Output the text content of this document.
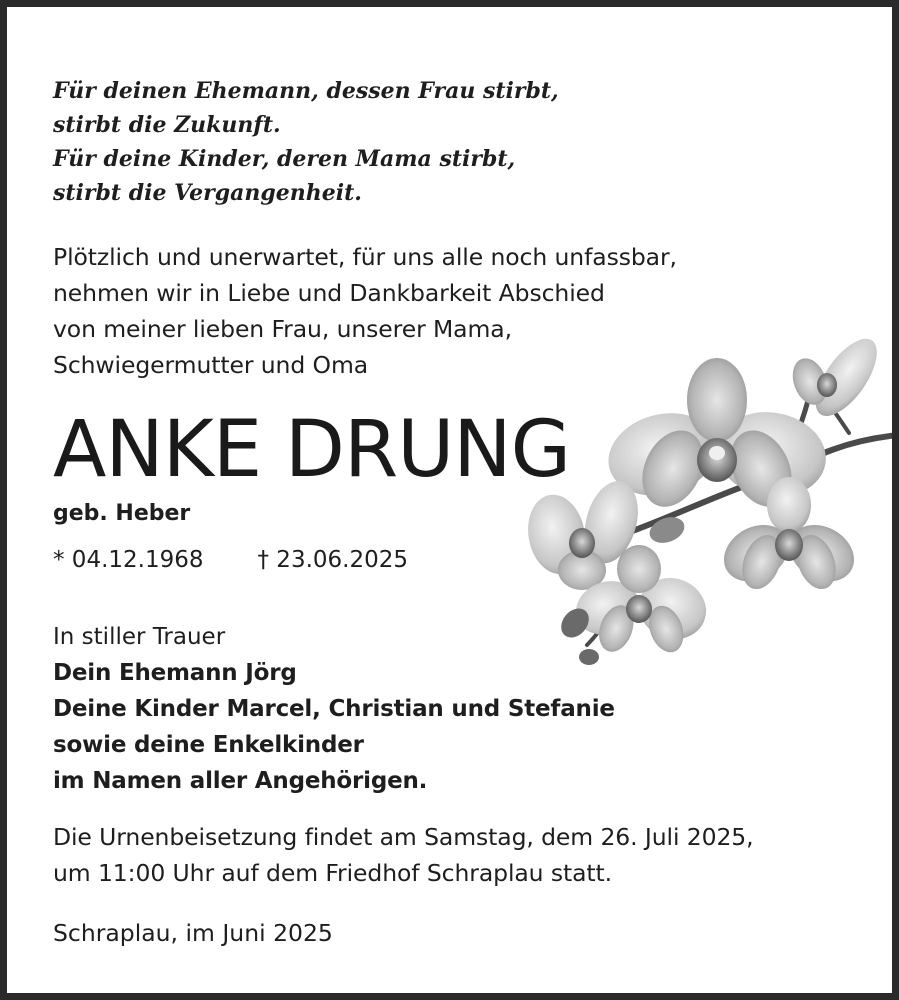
Für deinen Ehemann, dessen Frau stirbt,
stirbt die Zukunft.
Für deine Kinder, deren Mama stirbt,
stirbt die Vergangenheit.
Plötzlich und unerwartet, für uns alle noch unfassbar,
nehmen wir in Liebe und Dankbarkeit Abschied
von meiner lieben Frau, unserer Mama,
Schwiegermutter und Oma
ANKE DRUNG
geb. Heber
* 04.12.1968 † 23.06.2025
In stiller Trauer
Dein Ehemann Jörg
Deine Kinder Marcel, Christian und Stefanie
sowie deine Enkelkinder
im Namen aller Angehörigen.
Die Urnenbeisetzung findet am Samstag, dem 26. Juli 2025,
um 11:00 Uhr auf dem Friedhof Schraplau statt.
Schraplau, im Juni 2025
